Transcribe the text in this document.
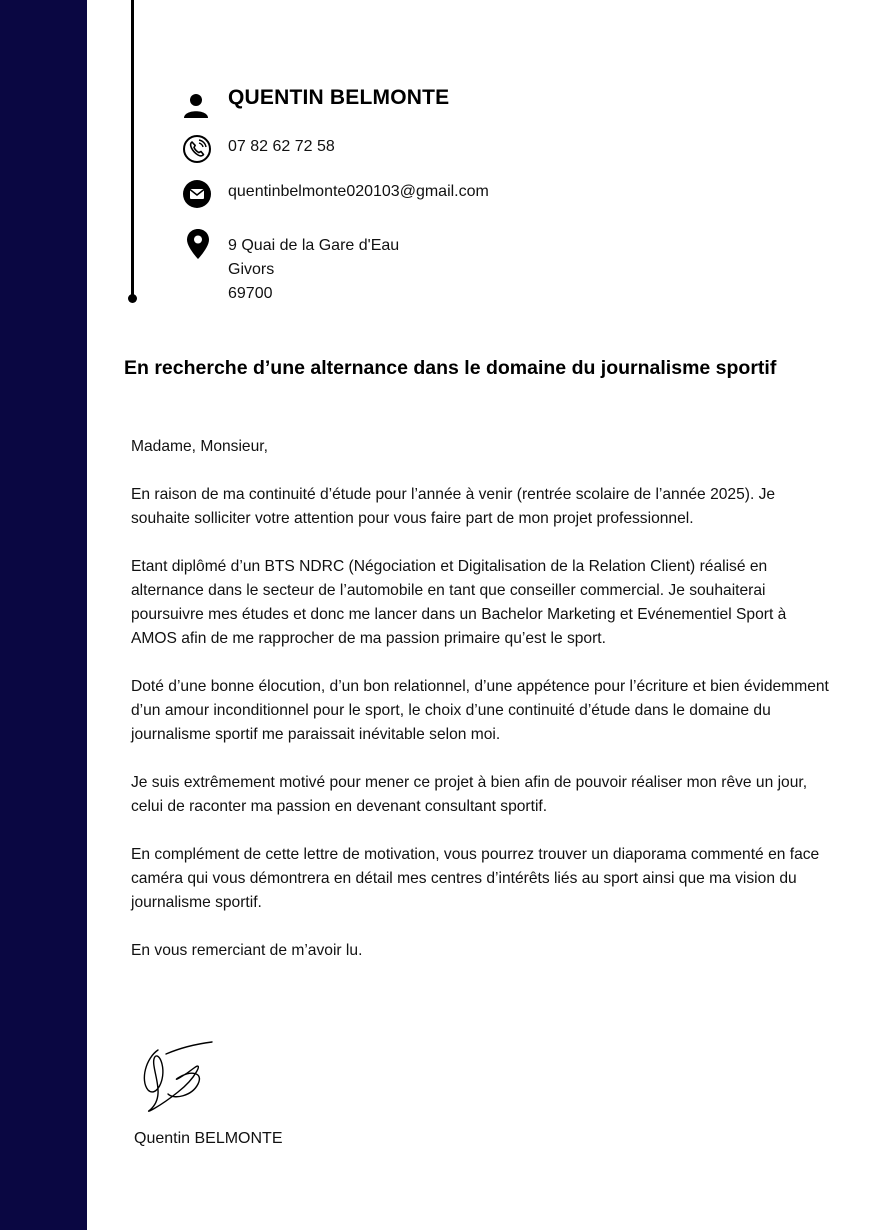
QUENTIN BELMONTE
07 82 62 72 58
quentinbelmonte020103@gmail.com
9 Quai de la Gare d'Eau
Givors
69700
En recherche d’une alternance dans le domaine du journalisme sportif

Madame, Monsieur,

En raison de ma continuité d’étude pour l’année à venir (rentrée scolaire de l’année 2025). Je souhaite solliciter votre attention pour vous faire part de mon projet professionnel.

Etant diplômé d’un BTS NDRC (Négociation et Digitalisation de la Relation Client) réalisé en alternance dans le secteur de l’automobile en tant que conseiller commercial. Je souhaiterai poursuivre mes études et donc me lancer dans un Bachelor Marketing et Evénementiel Sport à AMOS afin de me rapprocher de ma passion primaire qu’est le sport.

Doté d’une bonne élocution, d’un bon relationnel, d’une appétence pour l’écriture et bien évidemment d’un amour inconditionnel pour le sport, le choix d’une continuité d’étude dans le domaine du journalisme sportif me paraissait inévitable selon moi.

Je suis extrêmement motivé pour mener ce projet à bien afin de pouvoir réaliser mon rêve un jour, celui de raconter ma passion en devenant consultant sportif.

En complément de cette lettre de motivation, vous pourrez trouver un diaporama commenté en face caméra qui vous démontrera en détail mes centres d’intérêts liés au sport ainsi que ma vision du journalisme sportif.

En vous remerciant de m’avoir lu.

Quentin BELMONTE
